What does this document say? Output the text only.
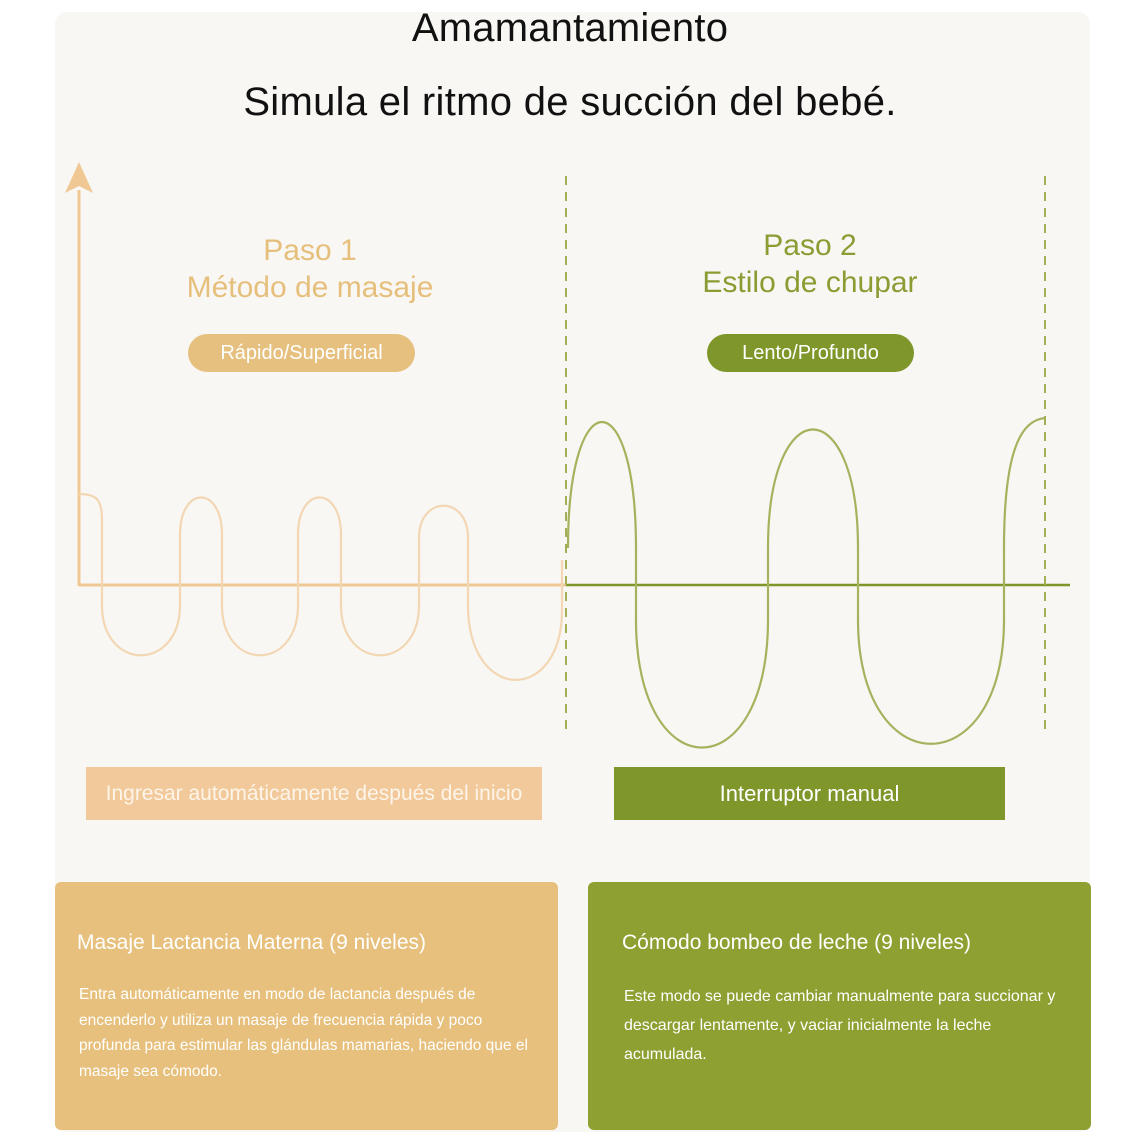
Amamantamiento
Simula el ritmo de succión del bebé.
Paso 1
Método de masaje
Paso 2
Estilo de chupar
Rápido/Superficial	Lento/Profundo
Ingresar automáticamente después del inicio	Interruptor manual
Masaje Lactancia Materna (9 niveles)
Entra automáticamente en modo de lactancia después de encenderlo y utiliza un masaje de frecuencia rápida y poco profunda para estimular las glándulas mamarias, haciendo que el masaje sea cómodo.
Cómodo bombeo de leche (9 niveles)
Este modo se puede cambiar manualmente para succionar y descargar lentamente, y vaciar inicialmente la leche acumulada.
